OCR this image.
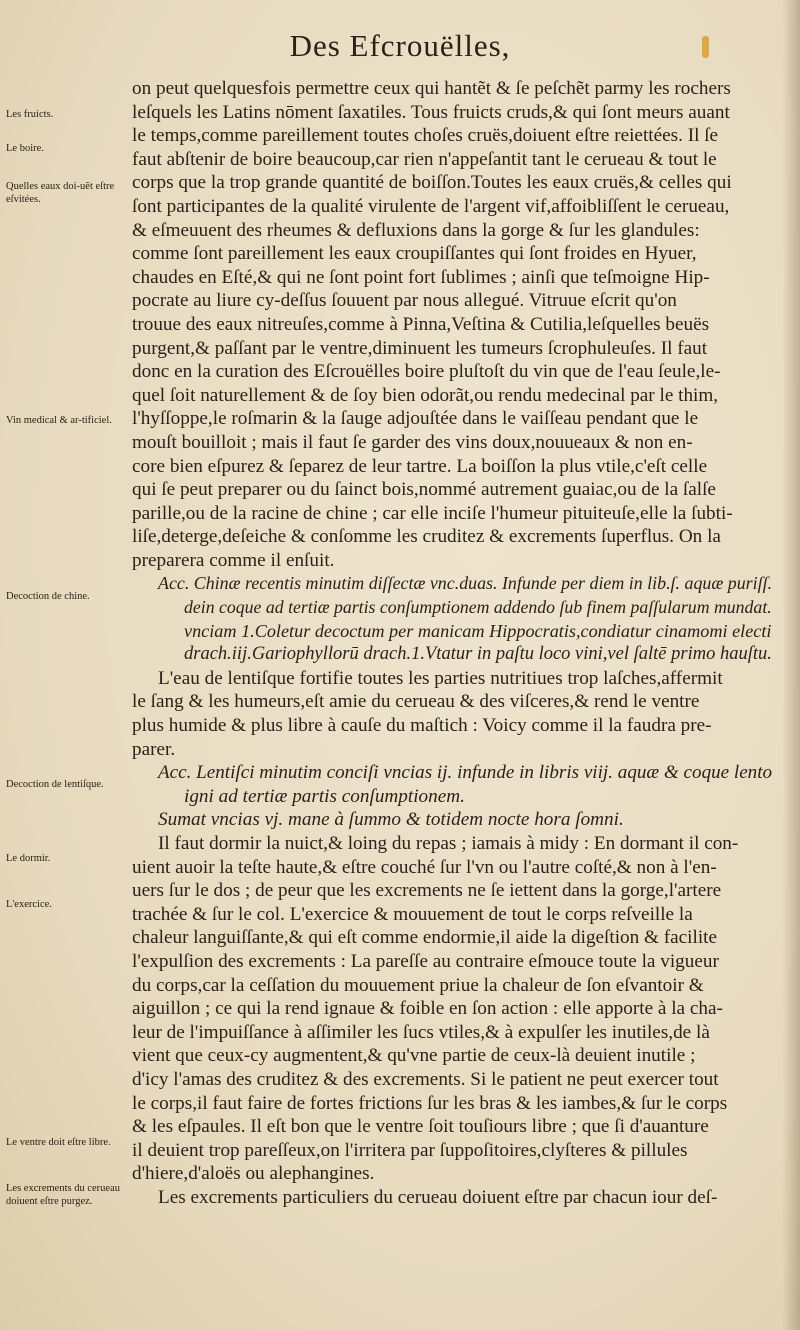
Des Efcrouëlles,
Les fruicts.
Le boire.
Quelles eaux doi-uẽt eſtre eſvitées.
Vin medical & ar-tificiel.
Decoction de chine.
Decoction de lentiſque.
Le dormir.
L'exercice.
Le ventre doit eſtre libre.
Les excrements du cerueau doiuent eſtre purgez.
on peut quelquesfois permettre ceux qui hantẽt & ſe peſchẽt parmy les rochers
leſquels les Latins nōment ſaxatiles. Tous fruicts cruds,& qui ſont meurs auant
le temps,comme pareillement toutes choſes cruës,doiuent eſtre reiettées. Il ſe
faut abſtenir de boire beaucoup,car rien n'appeſantit tant le cerueau & tout le
corps que la trop grande quantité de boiſſon.Toutes les eaux cruës,& celles qui
ſont participantes de la qualité virulente de l'argent vif,affoibliſſent le cerueau,
& eſmeuuent des rheumes & defluxions dans la gorge & ſur les glandules:
comme ſont pareillement les eaux croupiſſantes qui ſont froides en Hyuer,
chaudes en Eſté,& qui ne ſont point fort ſublimes ; ainſi que teſmoigne Hip-
pocrate au liure cy-deſſus ſouuent par nous allegué. Vitruue eſcrit qu'on
trouue des eaux nitreuſes,comme à Pinna,Veſtina & Cutilia,leſquelles beuës
purgent,& paſſant par le ventre,diminuent les tumeurs ſcrophuleuſes. Il faut
donc en la curation des Eſcrouëlles boire pluſtoſt du vin que de l'eau ſeule,le-
quel ſoit naturellement & de ſoy bien odorãt,ou rendu medecinal par le thim,
l'hyſſoppe,le roſmarin & la ſauge adjouſtée dans le vaiſſeau pendant que le
mouſt bouilloit ; mais il faut ſe garder des vins doux,nouueaux & non en-
core bien eſpurez & ſeparez de leur tartre. La boiſſon la plus vtile,c'eſt celle
qui ſe peut preparer ou du ſainct bois,nommé autrement guaiac,ou de la ſalſe
parille,ou de la racine de chine ; car elle inciſe l'humeur pituiteuſe,elle la ſubti-
liſe,deterge,deſeiche & conſomme les cruditez & excrements ſuperflus. On la
preparera comme il enſuit.
Acc. Chinæ recentis minutim diſſectæ vnc.duas. Infunde per diem in lib.ſ. aquæ puriſſ.
dein coque ad tertiæ partis conſumptionem addendo ſub finem paſſularum mundat.
vnciam 1.Coletur decoctum per manicam Hippocratis,condiatur cinamomi electi
drach.iij.Gariophyllorū drach.1.Vtatur in paſtu loco vini,vel ſaltē primo hauſtu.
L'eau de lentiſque fortifie toutes les parties nutritiues trop laſches,affermit
le ſang & les humeurs,eſt amie du cerueau & des viſceres,& rend le ventre
plus humide & plus libre à cauſe du maſtich : Voicy comme il la faudra pre-
parer.
Acc. Lentiſci minutim conciſi vncias ij. infunde in libris viij. aquæ & coque lento
igni ad tertiæ partis conſumptionem.
Sumat vncias vj. mane à ſummo & totidem nocte hora ſomni.
Il faut dormir la nuict,& loing du repas ; iamais à midy : En dormant il con-
uient auoir la teſte haute,& eſtre couché ſur l'vn ou l'autre coſté,& non à l'en-
uers ſur le dos ; de peur que les excrements ne ſe iettent dans la gorge,l'artere
trachée & ſur le col. L'exercice & mouuement de tout le corps reſveille la
chaleur languiſſante,& qui eſt comme endormie,il aide la digeſtion & facilite
l'expulſion des excrements : La pareſſe au contraire eſmouce toute la vigueur
du corps,car la ceſſation du mouuement priue la chaleur de ſon eſvantoir &
aiguillon ; ce qui la rend ignaue & foible en ſon action : elle apporte à la cha-
leur de l'impuiſſance à aſſimiler les ſucs vtiles,& à expulſer les inutiles,de là
vient que ceux-cy augmentent,& qu'vne partie de ceux-là deuient inutile ;
d'icy l'amas des cruditez & des excrements. Si le patient ne peut exercer tout
le corps,il faut faire de fortes frictions ſur les bras & les iambes,& ſur le corps
& les eſpaules. Il eſt bon que le ventre ſoit touſiours libre ; que ſi d'auanture
il deuient trop pareſſeux,on l'irritera par ſuppoſitoires,clyſteres & pillules
d'hiere,d'aloës ou alephangines.
Les excrements particuliers du cerueau doiuent eſtre par chacun iour deſ-
